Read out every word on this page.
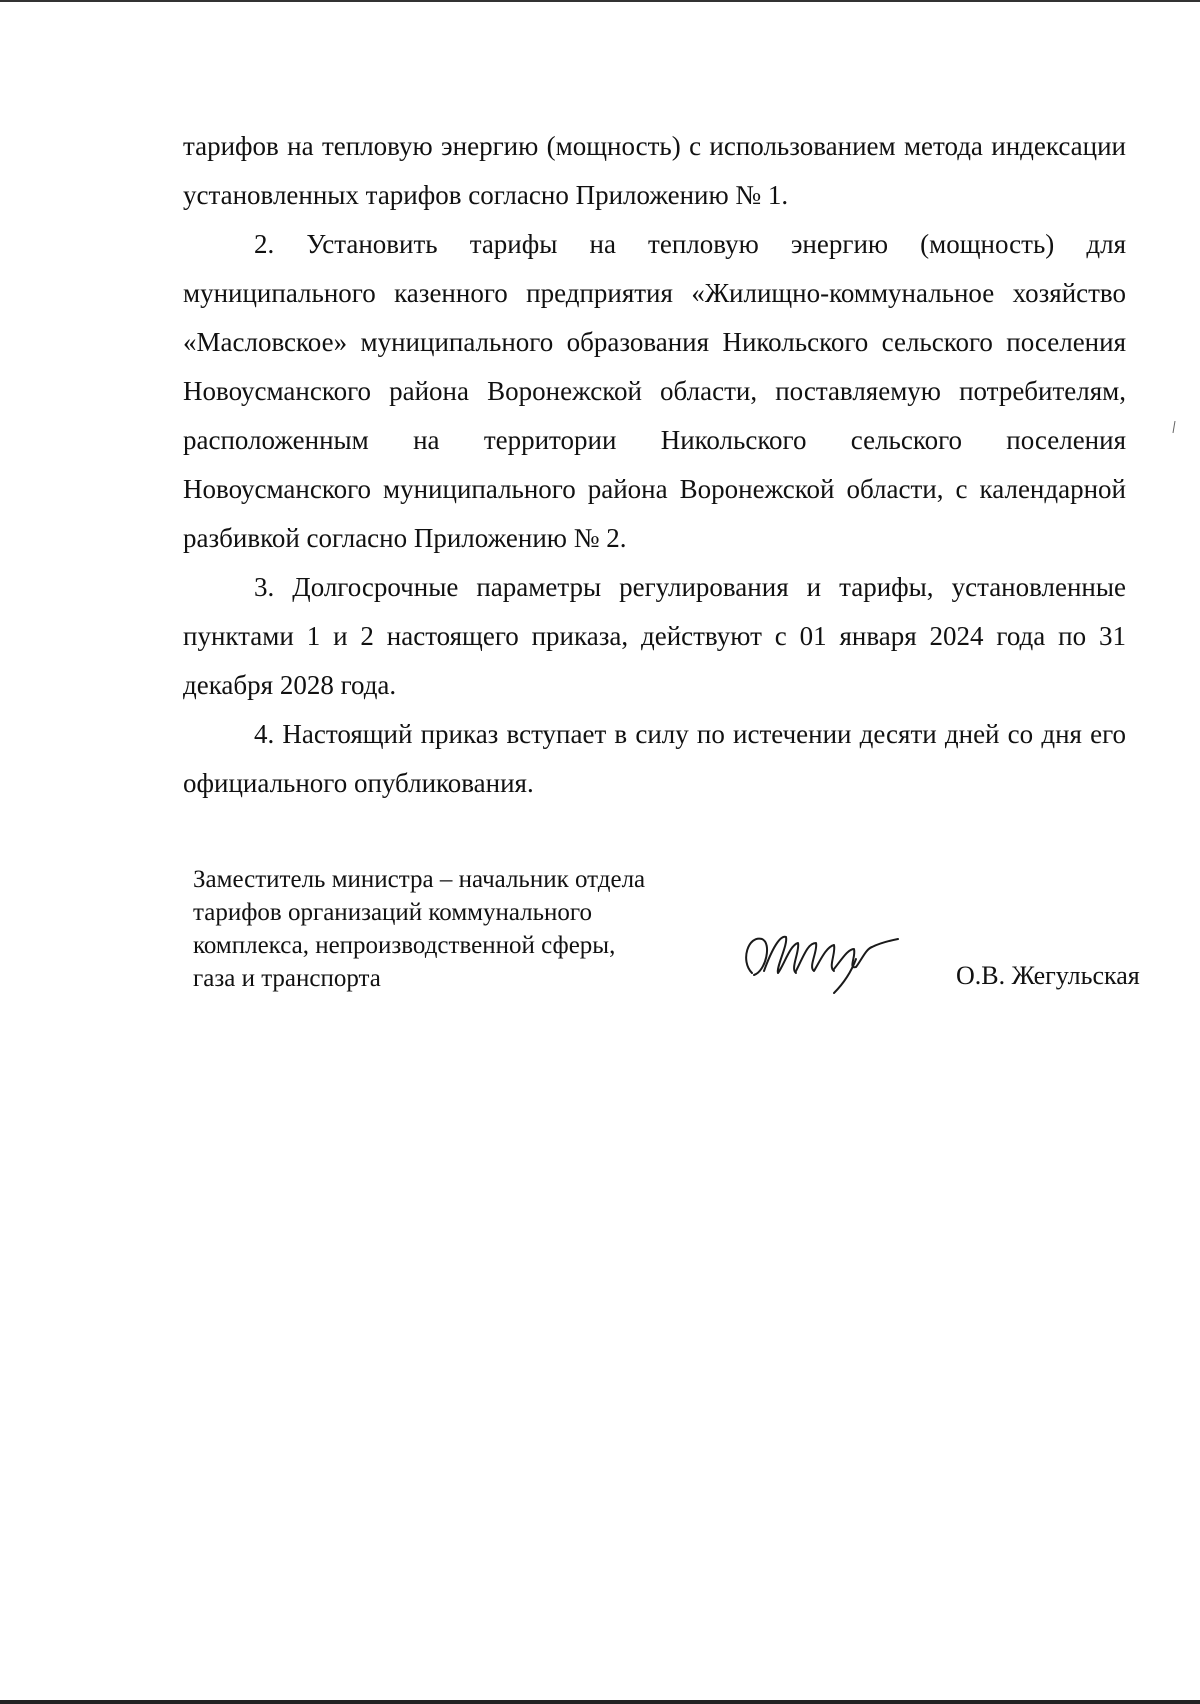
тарифов на тепловую энергию (мощность) с использованием метода индексации установленных тарифов согласно Приложению № 1.

2. Установить тарифы на тепловую энергию (мощность) для муниципального казенного предприятия «Жилищно-коммунальное хозяйство «Масловское» муниципального образования Никольского сельского поселения Новоусманского района Воронежской области, поставляемую потребителям, расположенным на территории Никольского сельского поселения Новоусманского муниципального района Воронежской области, с календарной разбивкой согласно Приложению № 2.

3. Долгосрочные параметры регулирования и тарифы, установленные пунктами 1 и 2 настоящего приказа, действуют с 01 января 2024 года по 31 декабря 2028 года.

4. Настоящий приказ вступает в силу по истечении десяти дней со дня его официального опубликования.

Заместитель министра – начальник отдела
тарифов организаций коммунального
комплекса, непроизводственной сферы,
газа и транспорта	О.В. Жегульская
